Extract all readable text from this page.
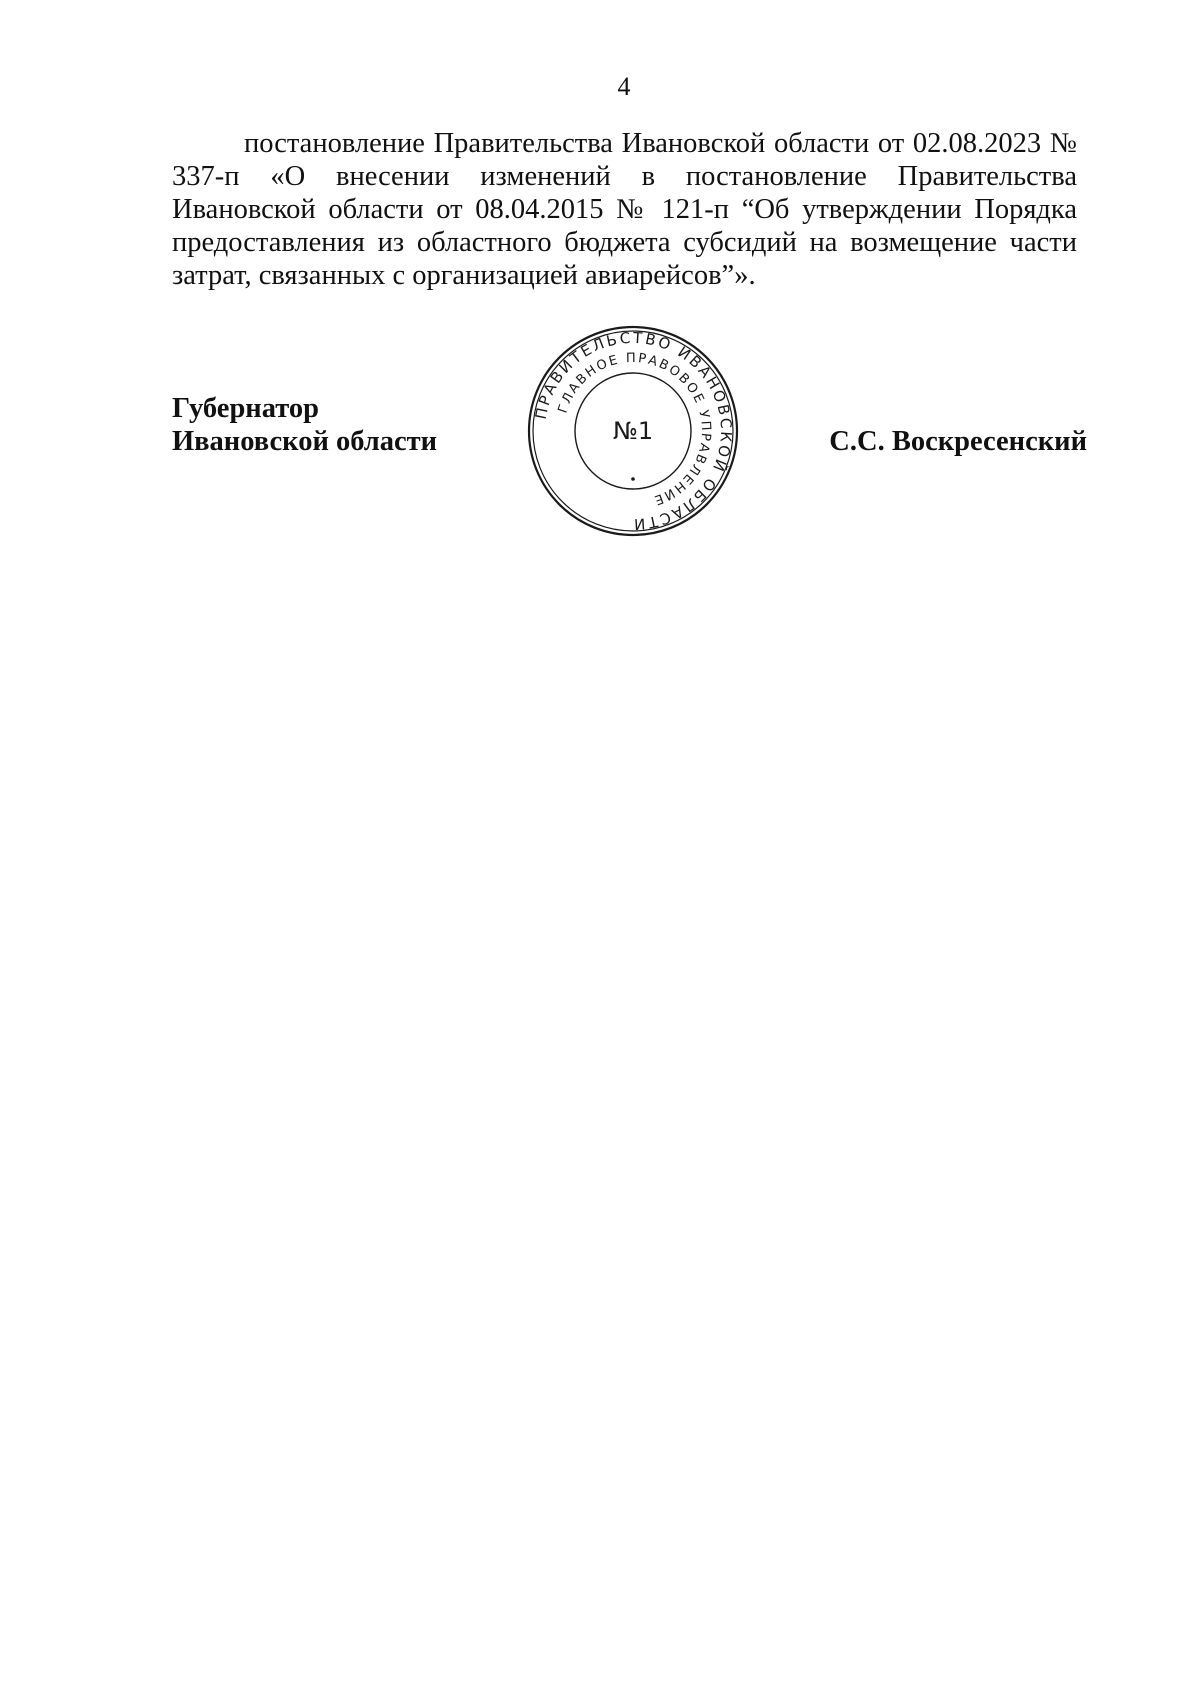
4

постановление Правительства Ивановской области от 02.08.2023 № 337-п «О внесении изменений в постановление Правительства Ивановской области от 08.04.2015 № 121-п “Об утверждении Порядка предоставления из областного бюджета субсидий на возмещение части затрат, связанных с организацией авиарейсов”».

Губернатор
Ивановской области	С.С. Воскресенский
ПРАВИТЕЛЬСТВО ИВАНОВСКОЙ ОБЛАСТИ
ГЛАВНОЕ ПРАВОВОЕ УПРАВЛЕНИЕ
№1
